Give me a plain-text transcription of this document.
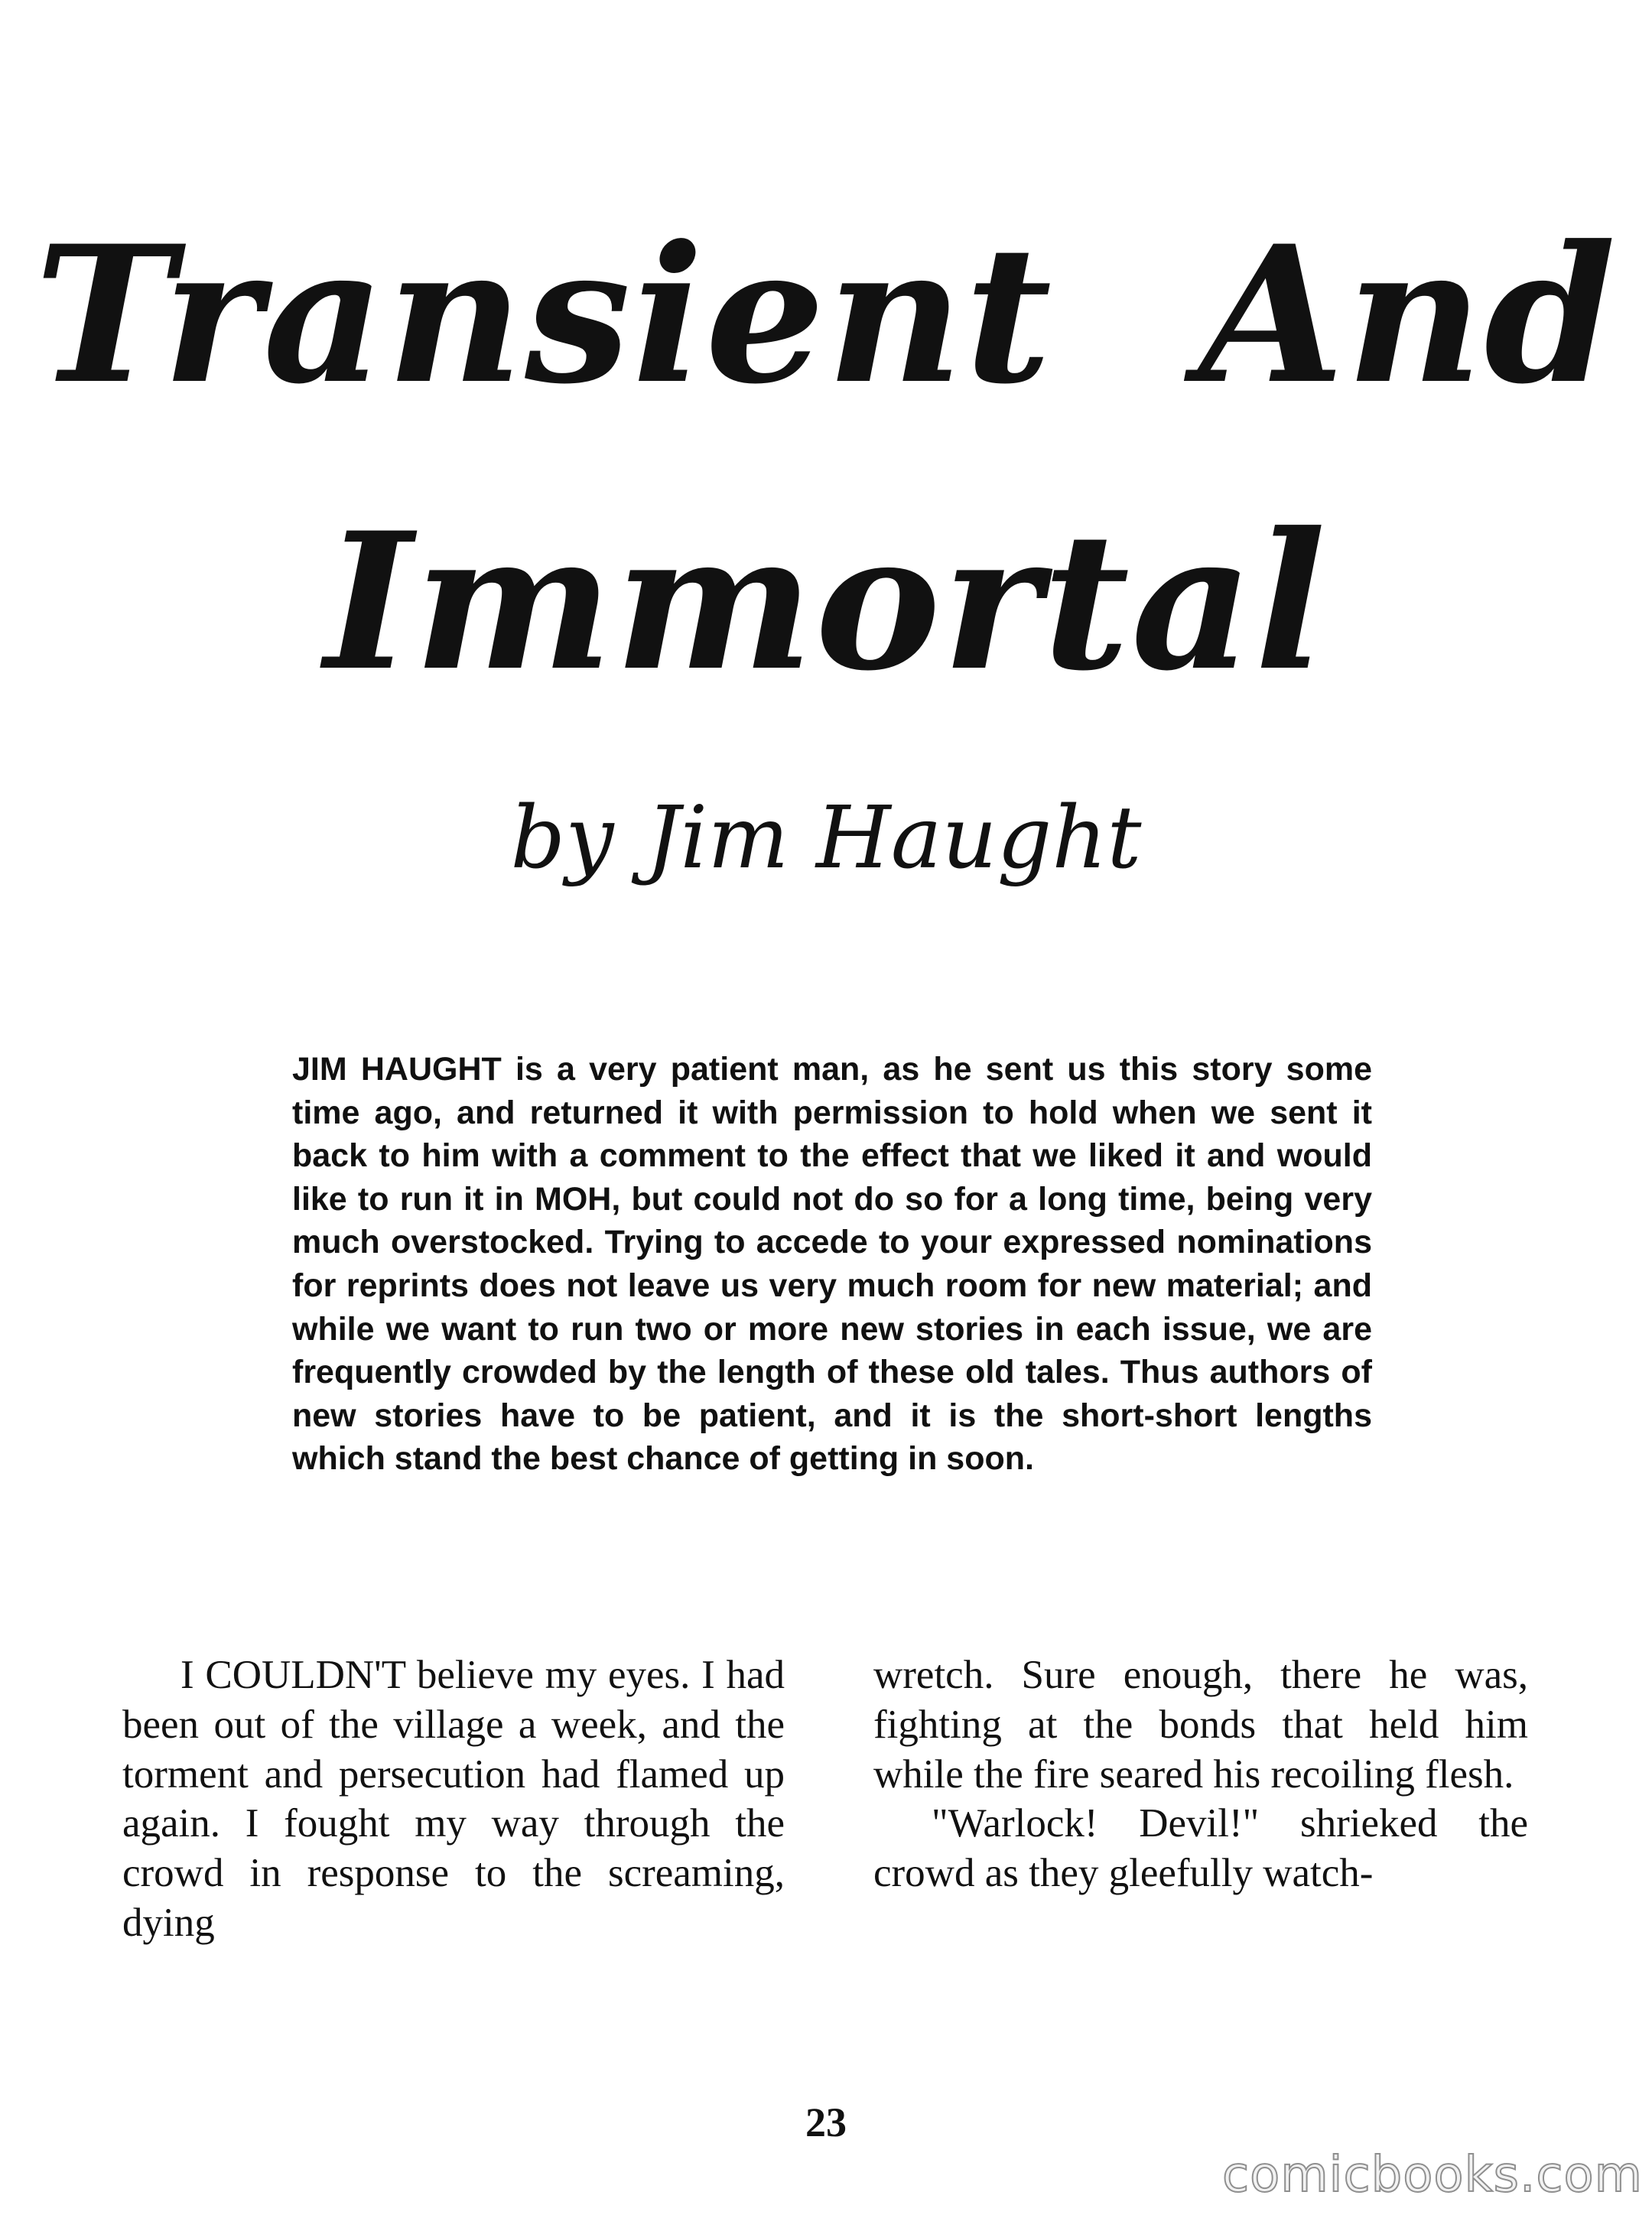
Transient And
Immortal
by Jim Haught

JIM HAUGHT is a very patient man, as he sent us this story some time ago, and returned it with permission to hold when we sent it back to him with a comment to the effect that we liked it and would like to run it in MOH, but could not do so for a long time, being very much overstocked. Trying to accede to your expressed nominations for reprints does not leave us very much room for new material; and while we want to run two or more new stories in each issue, we are frequently crowded by the length of these old tales. Thus authors of new stories have to be patient, and it is the short-short lengths which stand the best chance of getting in soon.

I COULDN'T believe my eyes. I had been out of the village a week, and the torment and persecution had flamed up again. I fought my way through the crowd in response to the screaming, dying

wretch. Sure enough, there he was, fighting at the bonds that held him while the fire seared his recoiling flesh.

"Warlock! Devil!" shrieked the crowd as they gleefully watch-

23
comicbooks.com
